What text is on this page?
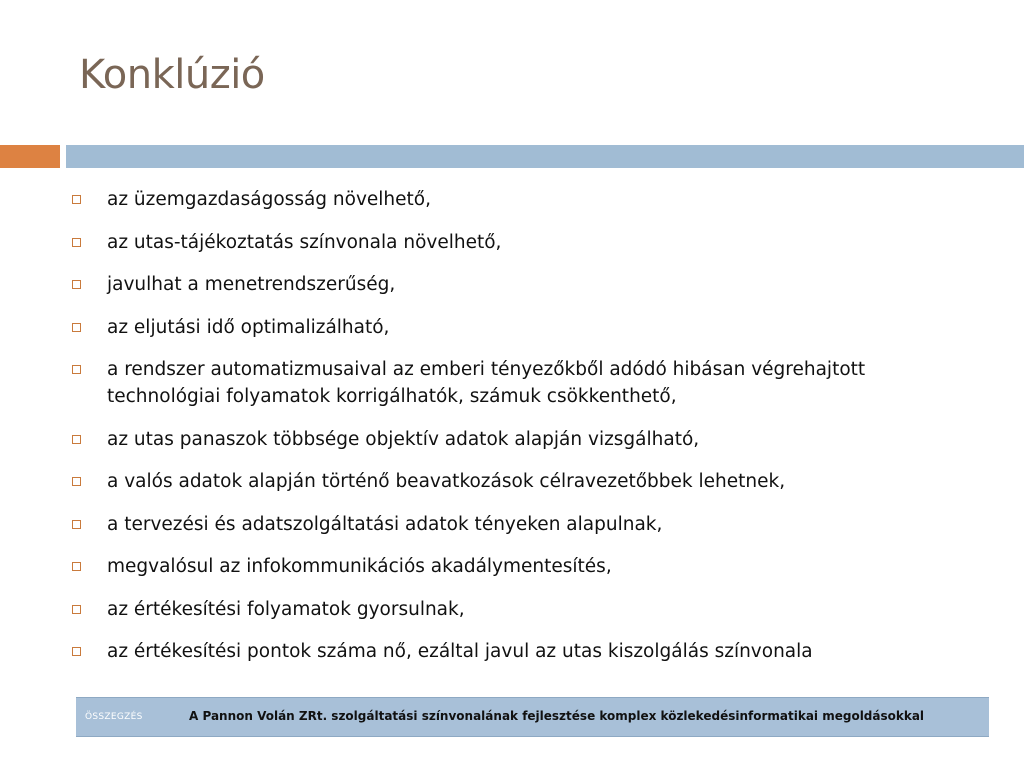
Konklúzió
az üzemgazdaságosság növelhető,
az utas-tájékoztatás színvonala növelhető,
javulhat a menetrendszerűség,
az eljutási idő optimalizálható,
a rendszer automatizmusaival az emberi tényezőkből adódó hibásan végrehajtott technológiai folyamatok korrigálhatók, számuk csökkenthető,
az utas panaszok többsége objektív adatok alapján vizsgálható,
a valós adatok alapján történő beavatkozások célravezetőbbek lehetnek,
a tervezési és adatszolgáltatási adatok tényeken alapulnak,
megvalósul az infokommunikációs akadálymentesítés,
az értékesítési folyamatok gyorsulnak,
az értékesítési pontok száma nő, ezáltal javul az utas kiszolgálás színvonala
ÖSSZEGZÉS	A Pannon Volán ZRt. szolgáltatási színvonalának fejlesztése komplex közlekedésinformatikai megoldásokkal
